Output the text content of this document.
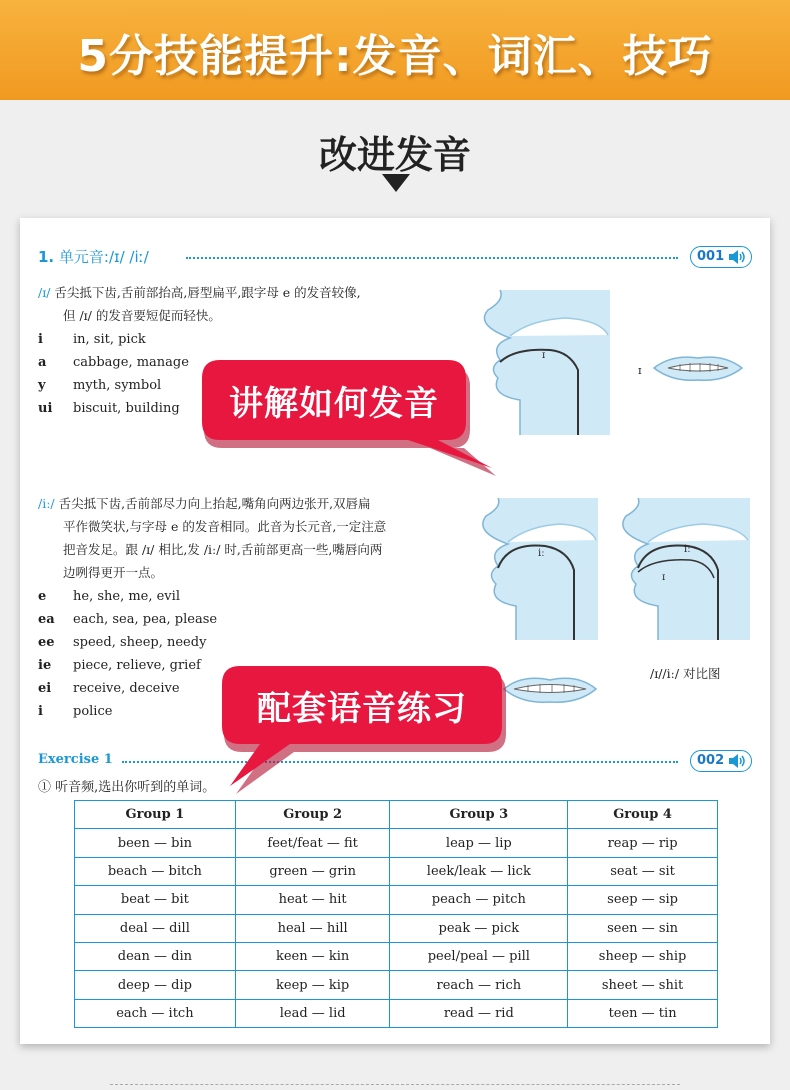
5分技能提升:发音、词汇、技巧
改进发音
1. 单元音:/ɪ/ /iː/	001
/ɪ/ 舌尖抵下齿,舌前部抬高,唇型扁平,跟字母 e 的发音较像,
但 /ɪ/ 的发音要短促而轻快。
i	in, sit, pick
a	cabbage, manage
y	myth, symbol
ui	biscuit, building
ɪ
ɪ
/iː/ 舌尖抵下齿,舌前部尽力向上抬起,嘴角向两边张开,双唇扁
平作微笑状,与字母 e 的发音相同。此音为长元音,一定注意
把音发足。跟 /ɪ/ 相比,发 /iː/ 时,舌前部更高一些,嘴唇向两
边咧得更开一点。
e	he, she, me, evil
ea	each, sea, pea, please
ee	speed, sheep, needy
ie	piece, relieve, grief
ei	receive, deceive
i	police
iː	iː
ɪ
/ɪ//iː/ 对比图
Exercise 1	002
① 听音频,选出你听到的单词。
Group 1	Group 2	Group 3	Group 4
been — bin	feet/feat — fit	leap — lip	reap — rip
beach — bitch	green — grin	leek/leak — lick	seat — sit
beat — bit	heat — hit	peach — pitch	seep — sip
deal — dill	heal — hill	peak — pick	seen — sin
dean — din	keen — kin	peel/peal — pill	sheep — ship
deep — dip	keep — kip	reach — rich	sheet — shit
each — itch	lead — lid	read — rid	teen — tin
讲解如何发音
配套语音练习
